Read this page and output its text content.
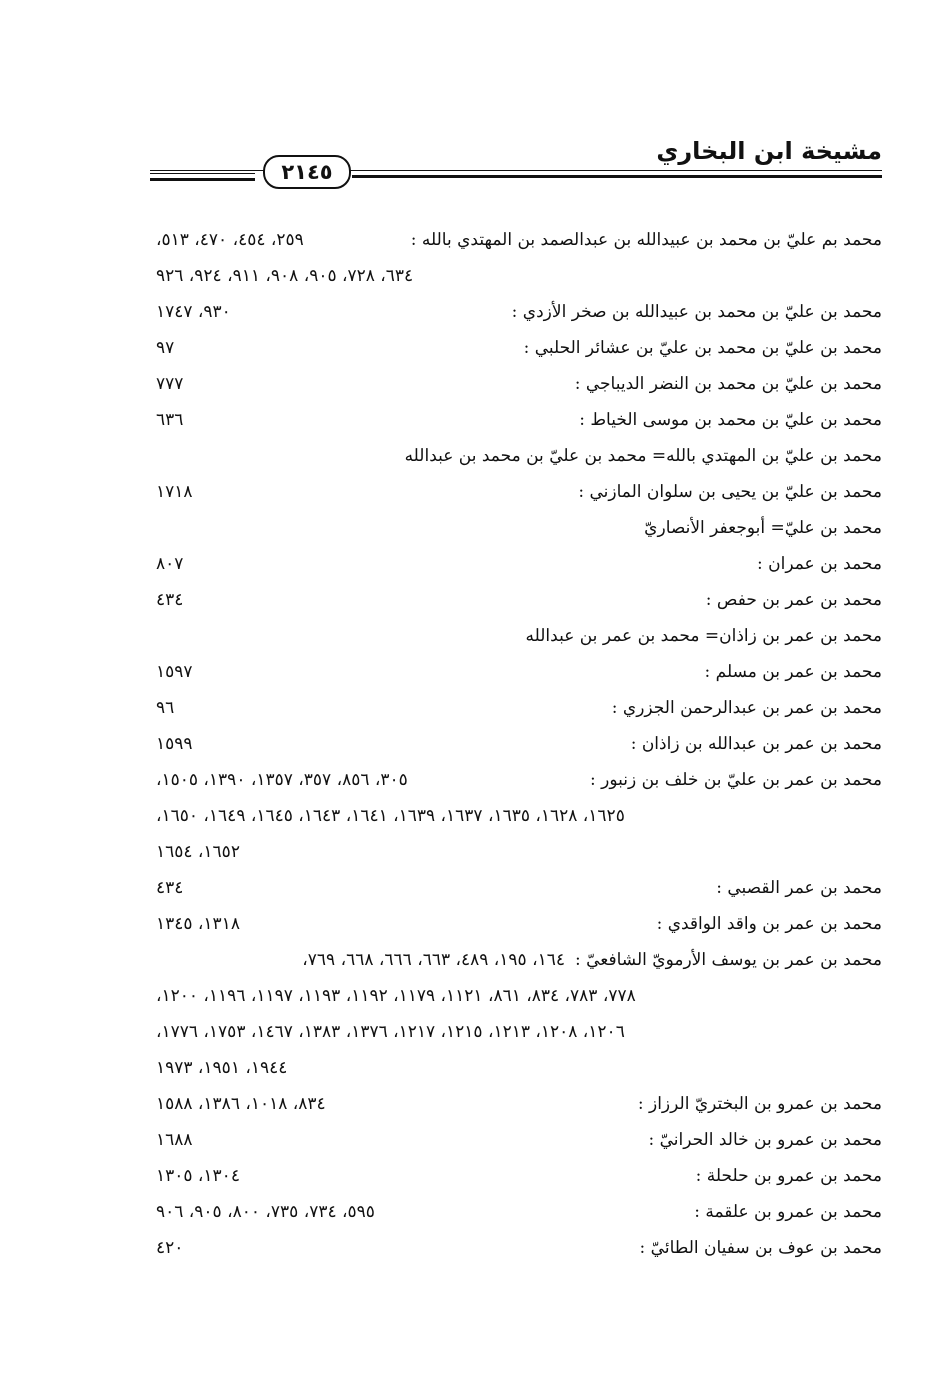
مشيخة ابن البخاري
٢١٤٥
محمد بم عليّ بن محمد بن عبيدالله بن عبدالصمد بن المهتدي بالله :
٢٥٩، ٤٥٤، ٤٧٠، ٥١٣،
٦٣٤، ٧٢٨، ٩٠٥، ٩٠٨، ٩١١، ٩٢٤، ٩٢٦
محمد بن عليّ بن محمد بن عبيدالله بن صخر الأزدي :
٩٣٠، ١٧٤٧
محمد بن عليّ بن محمد بن عليّ بن عشائر الحلبي :
٩٧
محمد بن عليّ بن محمد بن النضر الديباجي :
٧٧٧
محمد بن عليّ بن محمد بن موسى الخياط :
٦٣٦
محمد بن عليّ بن المهتدي بالله= محمد بن عليّ بن محمد بن عبدالله
محمد بن عليّ بن يحيى بن سلوان المازني :
١٧١٨
محمد بن عليّ= أبوجعفر الأنصاريّ
محمد بن عمران :
٨٠٧
محمد بن عمر بن حفص :
٤٣٤
محمد بن عمر بن زاذان= محمد بن عمر بن عبدالله
محمد بن عمر بن مسلم :
١٥٩٧
محمد بن عمر بن عبدالرحمن الجزري :
٩٦
محمد بن عمر بن عبدالله بن زاذان :
١٥٩٩
محمد بن عمر بن عليّ بن خلف بن زنبور :
٣٠٥، ٨٥٦، ٣٥٧، ١٣٥٧، ١٣٩٠، ١٥٠٥،
١٦٢٥، ١٦٢٨، ١٦٣٥، ١٦٣٧، ١٦٣٩، ١٦٤١، ١٦٤٣، ١٦٤٥، ١٦٤٩، ١٦٥٠،
١٦٥٢، ١٦٥٤
محمد بن عمر القصبي :
٤٣٤
محمد بن عمر بن واقد الواقدي :
١٣١٨، ١٣٤٥
محمد بن عمر بن يوسف الأرمويّ الشافعيّ :١٦٤، ١٩٥، ٤٨٩، ٦٦٣، ٦٦٦، ٦٦٨، ٧٦٩،
٧٧٨، ٧٨٣، ٨٣٤، ٨٦١، ١١٢١، ١١٧٩، ١١٩٢، ١١٩٣، ١١٩٧، ١١٩٦، ١٢٠٠،
١٢٠٦، ١٢٠٨، ١٢١٣، ١٢١٥، ١٢١٧، ١٣٧٦، ١٣٨٣، ١٤٦٧، ١٧٥٣، ١٧٧٦،
١٩٤٤، ١٩٥١، ١٩٧٣
محمد بن عمرو بن البختريّ الرزاز :
٨٣٤، ١٠١٨، ١٣٨٦، ١٥٨٨
محمد بن عمرو بن خالد الحرانيّ :
١٦٨٨
محمد بن عمرو بن حلحلة :
١٣٠٤، ١٣٠٥
محمد بن عمرو بن علقمة :
٥٩٥، ٧٣٤، ٧٣٥، ٨٠٠، ٩٠٥، ٩٠٦
محمد بن عوف بن سفيان الطائيّ :
٤٢٠
